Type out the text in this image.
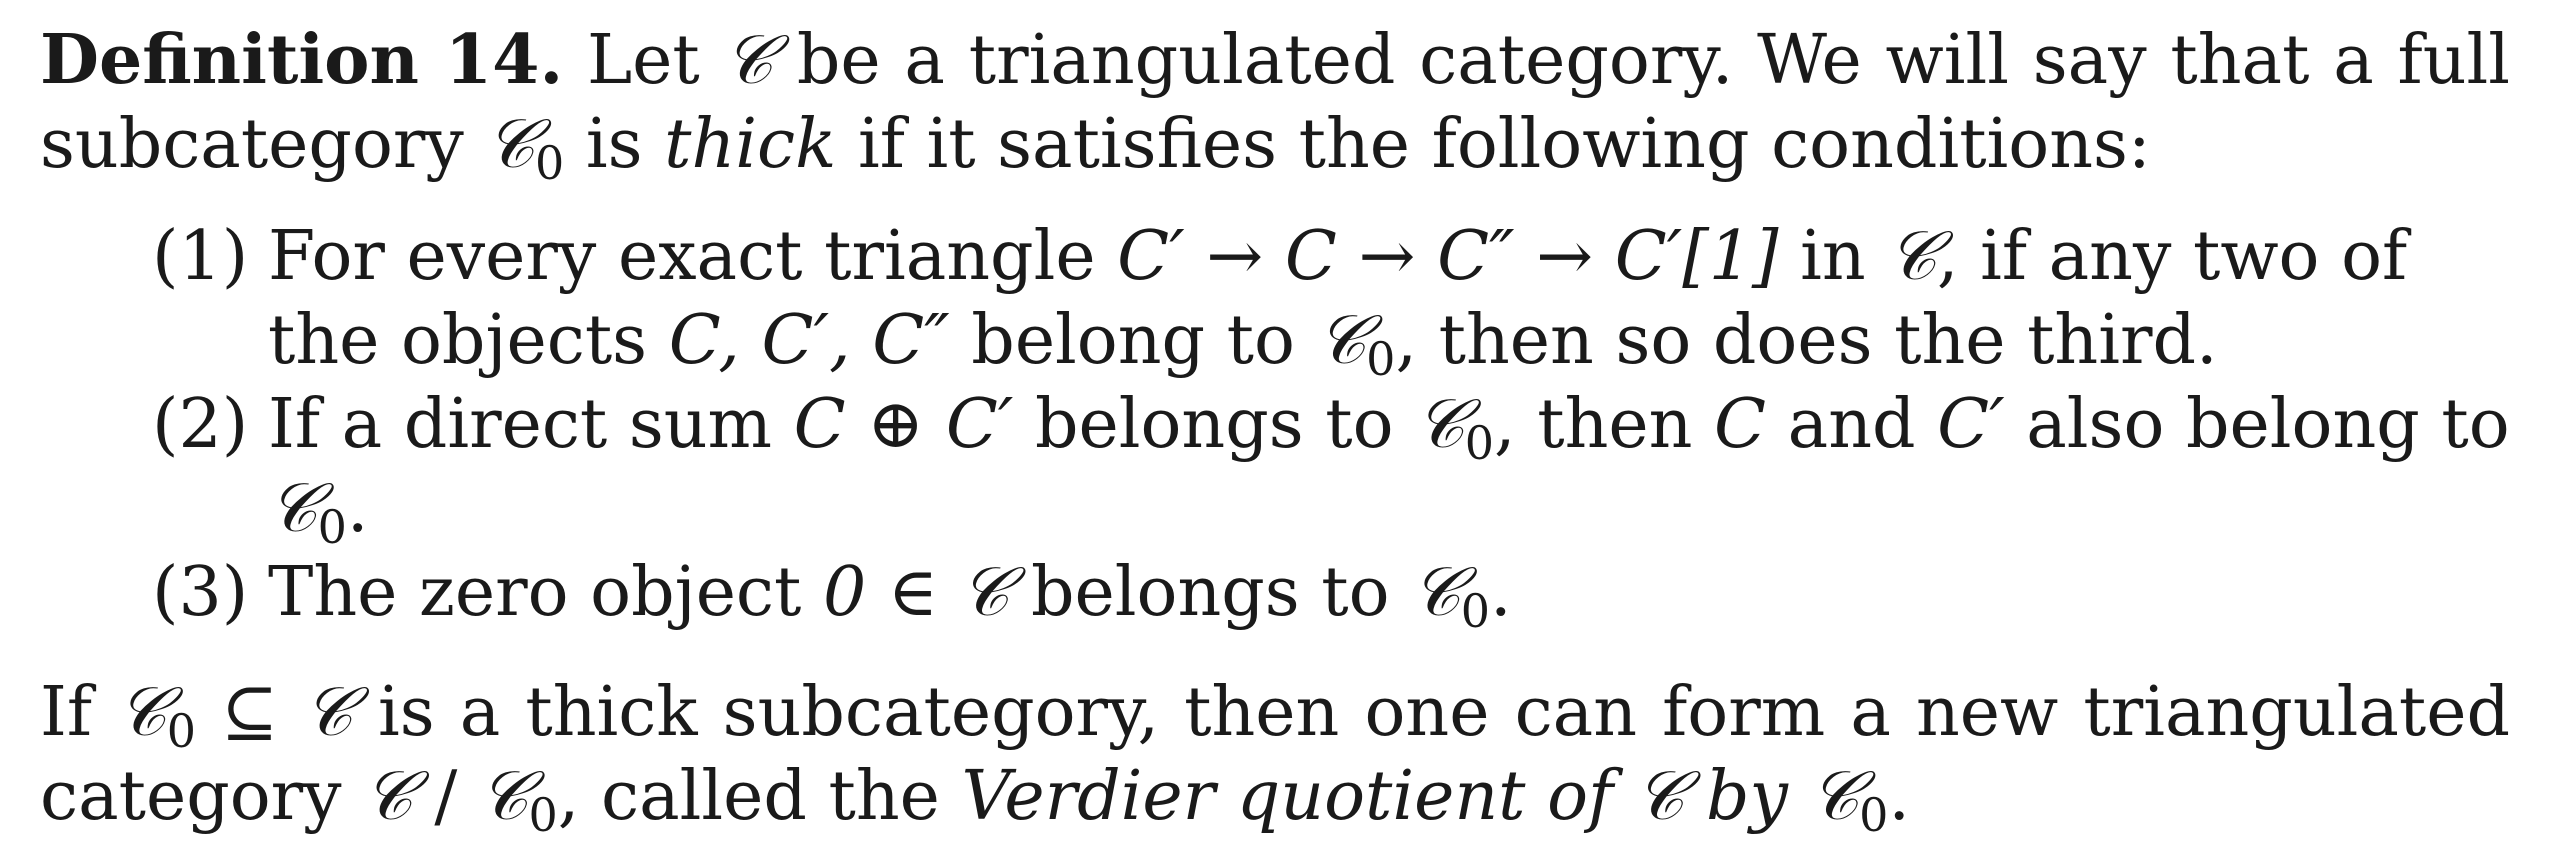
Definition 14. Let 𝒞 be a triangulated category. We will say that a full subcategory 𝒞$_0$ is thick if it satisfies the following conditions:

(1) For every exact triangle C′ → C → C″ → C′[1] in 𝒞, if any two of the objects C, C′, C″ belong to 𝒞$_0$, then so does the third.
(2) If a direct sum C ⊕ C′ belongs to 𝒞$_0$, then C and C′ also belong to 𝒞$_0$.
(3) The zero object 0 ∈ 𝒞 belongs to 𝒞$_0$.

If 𝒞$_0$ ⊆ 𝒞 is a thick subcategory, then one can form a new triangulated category 𝒞 / 𝒞$_0$, called the Verdier quotient of 𝒞 by 𝒞$_0$.
